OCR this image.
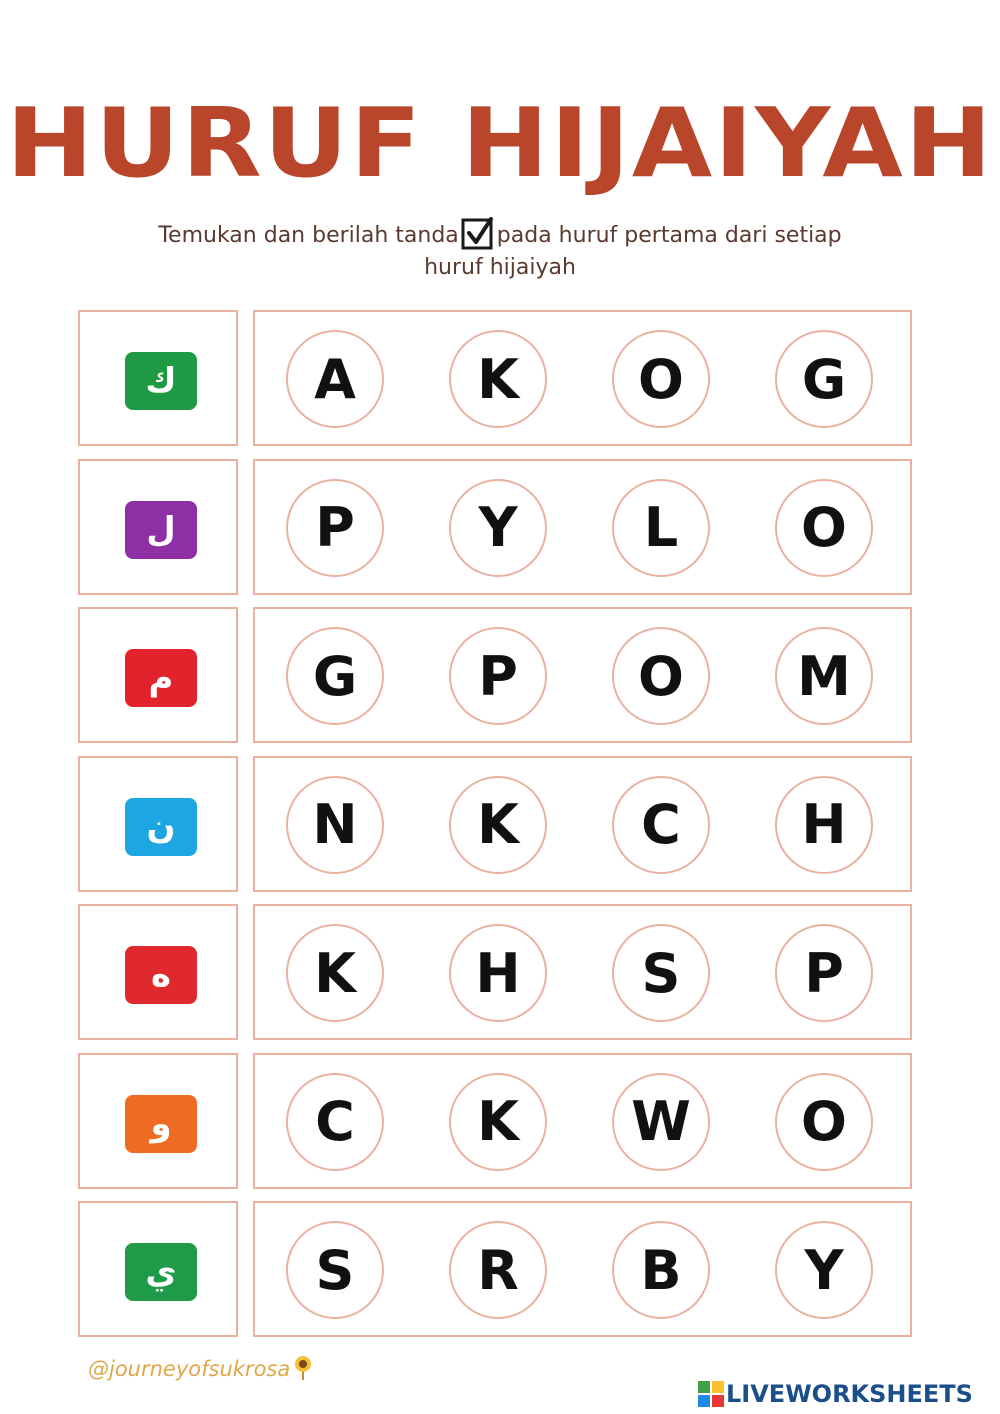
HURUF HIJAIYAH
Temukan dan berilah tanda pada huruf pertama dari setiap
huruf hijaiyah
ك	A	K	O	G
ل	P	Y	L	O
م	G	P	O	M
ن	N	K	C	H
ه	K	H	S	P
و	C	K	W	O
ي	S	R	B	Y
@journeyofsukrosa
LIVEWORKSHEETS
